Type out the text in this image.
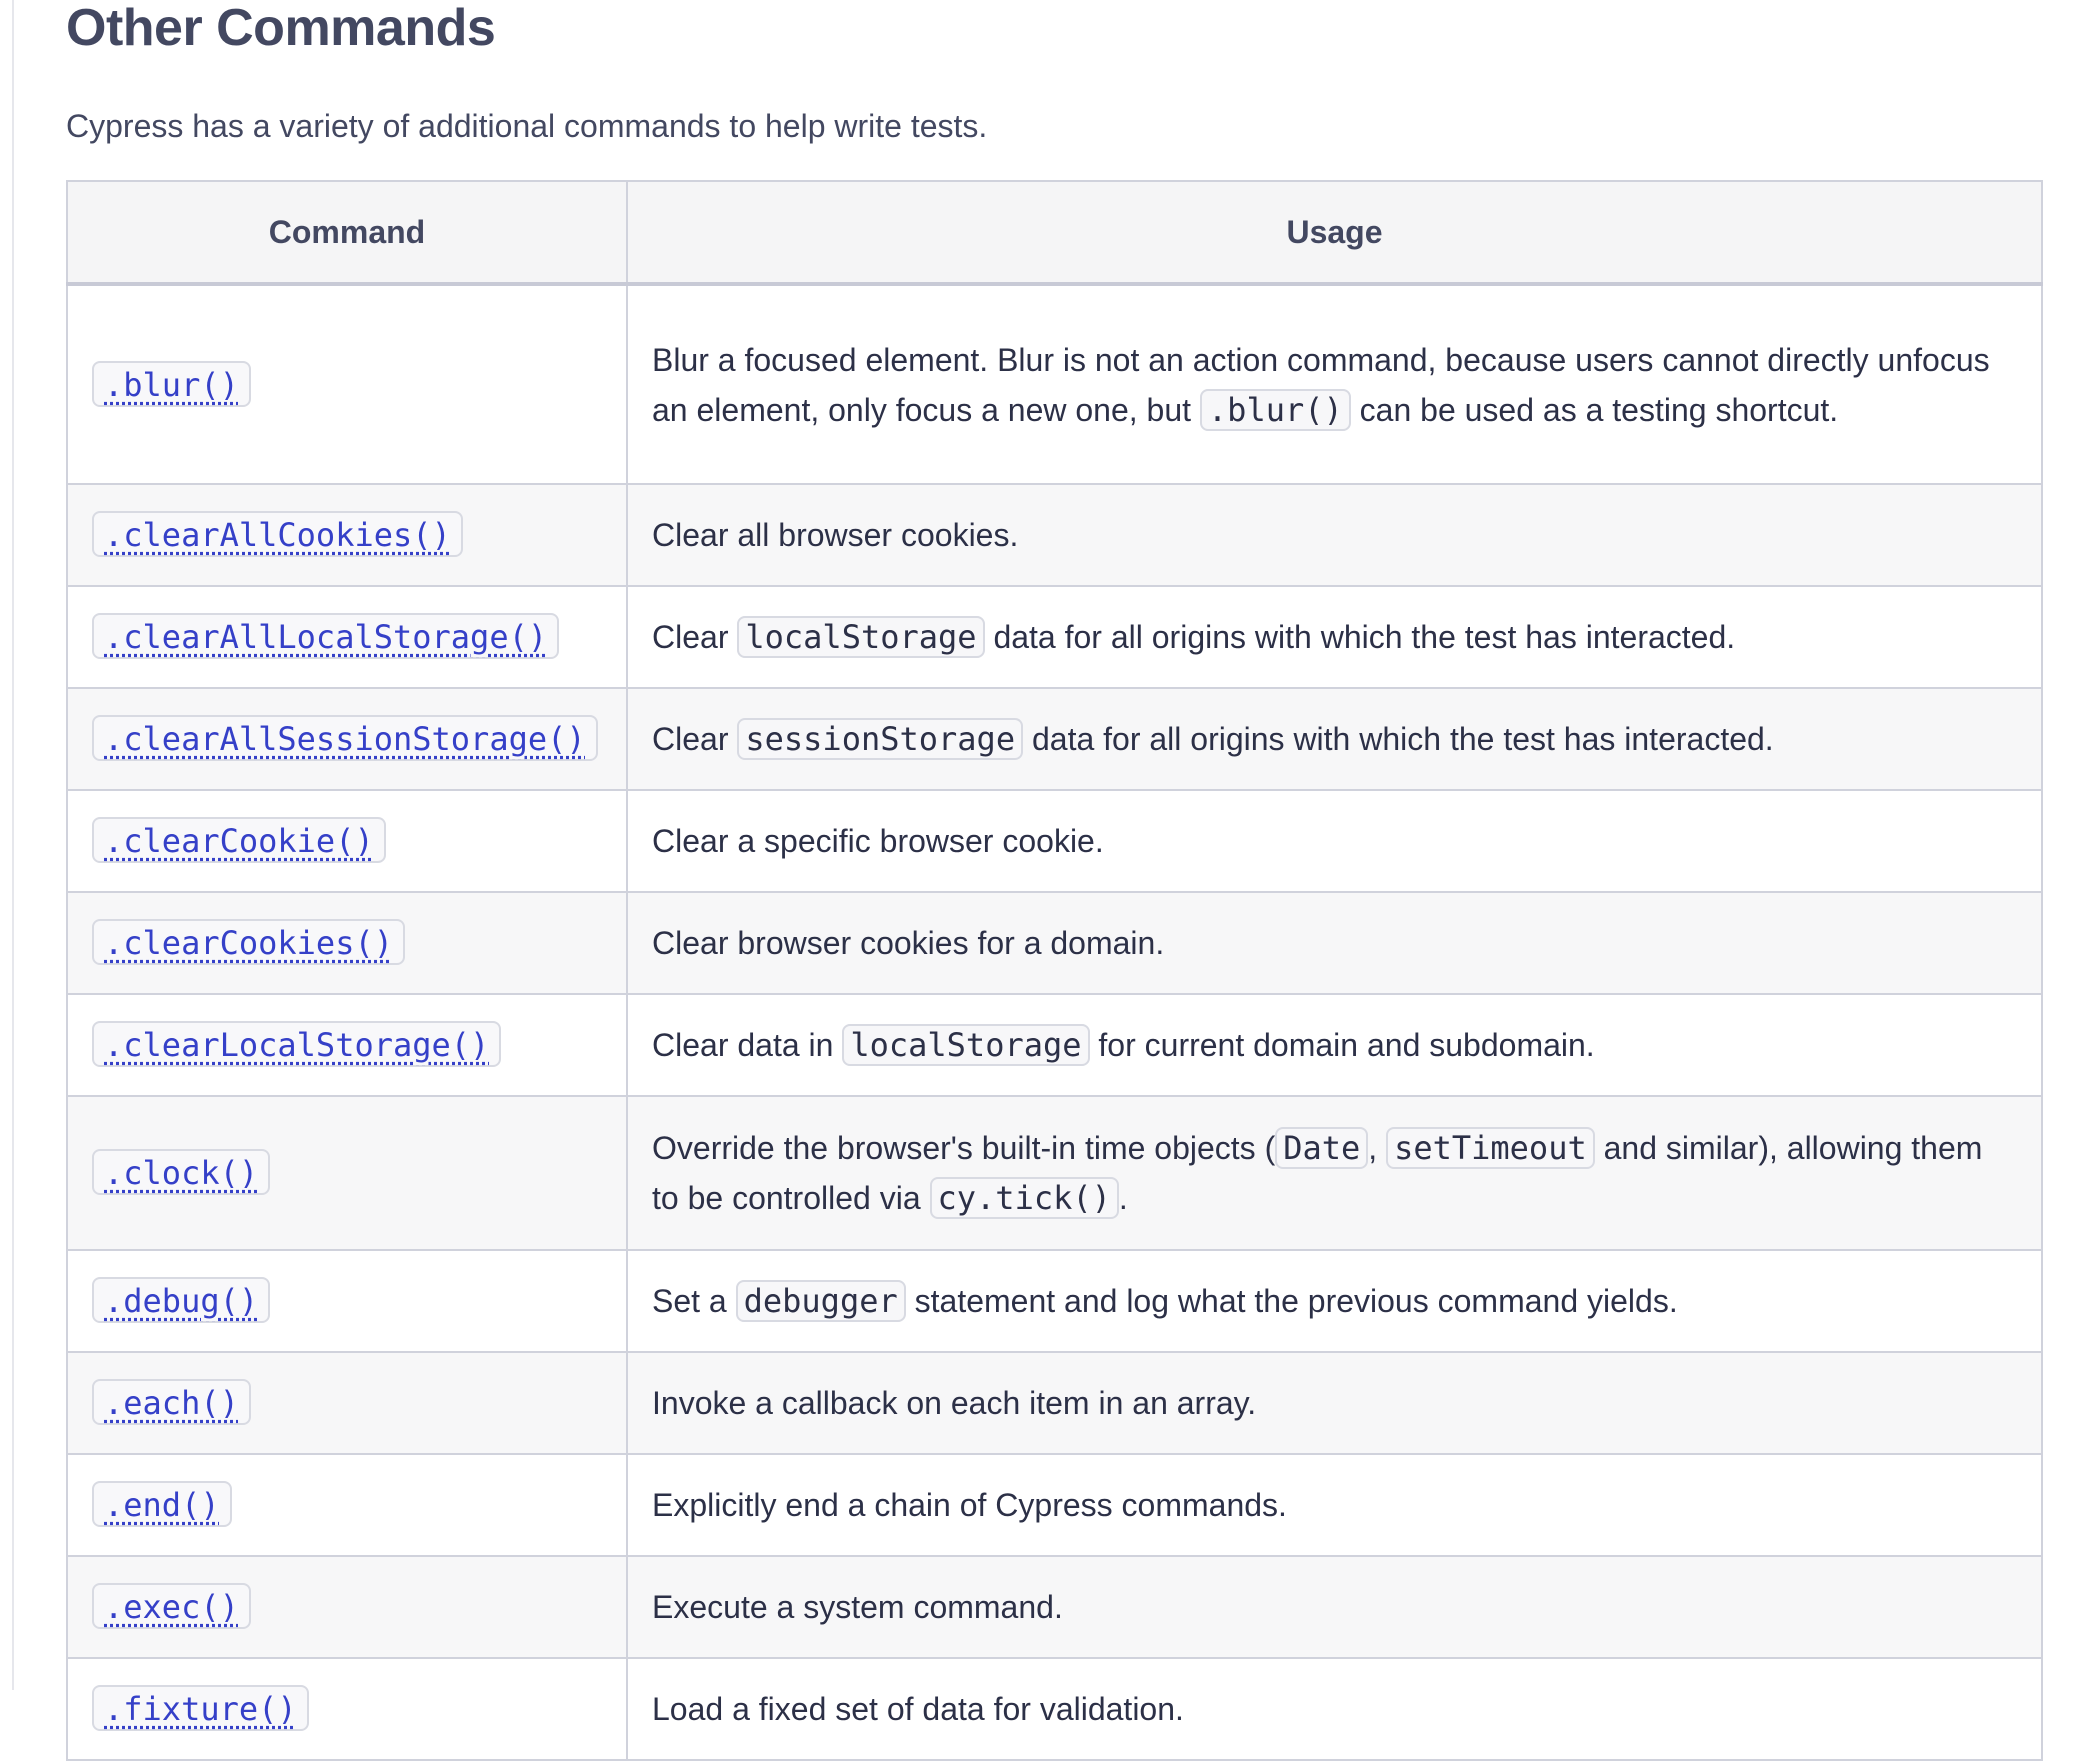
Other Commands

Cypress has a variety of additional commands to help write tests.

Command	Usage
.blur()	Blur a focused element. Blur is not an action command, because users cannot directly unfocus an element, only focus a new one, but .blur() can be used as a testing shortcut.
.clearAllCookies()	Clear all browser cookies.
.clearAllLocalStorage()	Clear localStorage data for all origins with which the test has interacted.
.clearAllSessionStorage()	Clear sessionStorage data for all origins with which the test has interacted.
.clearCookie()	Clear a specific browser cookie.
.clearCookies()	Clear browser cookies for a domain.
.clearLocalStorage()	Clear data in localStorage for current domain and subdomain.
.clock()	Override the browser's built-in time objects ( Date , setTimeout and similar), allowing them to be controlled via cy.tick() .
.debug()	Set a debugger statement and log what the previous command yields.
.each()	Invoke a callback on each item in an array.
.end()	Explicitly end a chain of Cypress commands.
.exec()	Execute a system command.
.fixture()	Load a fixed set of data for validation.
